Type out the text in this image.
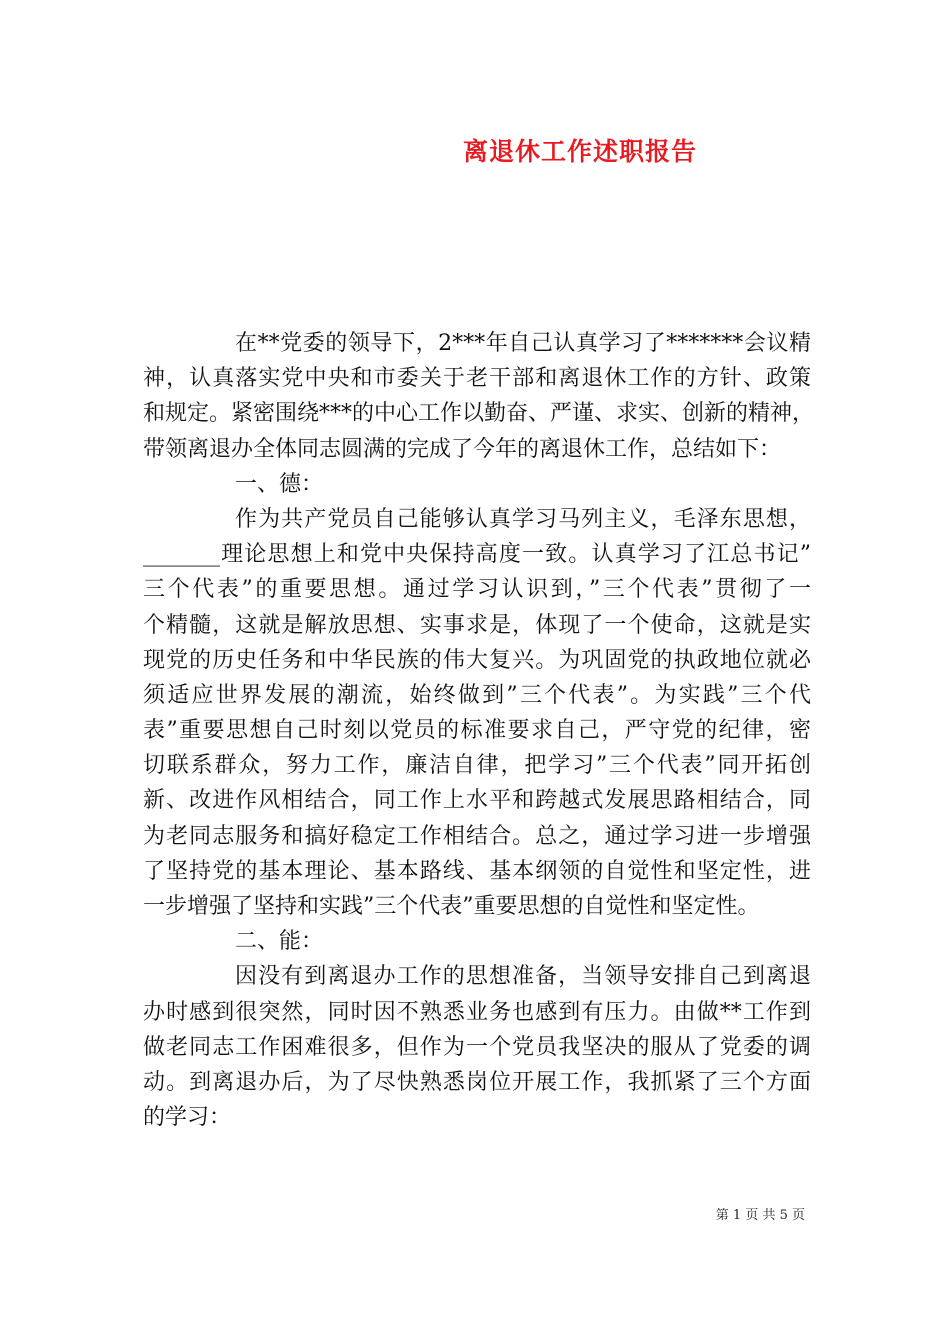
离退休工作述职报告
在**党委的领导下，2***年自己认真学习了*******会议精
神，认真落实党中央和市委关于老干部和离退休工作的方针、政策
和规定。紧密围绕***的中心工作以勤奋、严谨、求实、创新的精神，
带领离退办全体同志圆满的完成了今年的离退休工作，总结如下：
一、德：
作为共产党员自己能够认真学习马列主义，毛泽东思想，
_______理论思想上和党中央保持高度一致。认真学习了江总书记”
三个代表”的重要思想。通过学习认识到，”三个代表”贯彻了一
个精髓，这就是解放思想、实事求是，体现了一个使命，这就是实
现党的历史任务和中华民族的伟大复兴。为巩固党的执政地位就必
须适应世界发展的潮流，始终做到”三个代表”。为实践”三个代
表”重要思想自己时刻以党员的标准要求自己，严守党的纪律，密
切联系群众，努力工作，廉洁自律，把学习”三个代表”同开拓创
新、改进作风相结合，同工作上水平和跨越式发展思路相结合，同
为老同志服务和搞好稳定工作相结合。总之，通过学习进一步增强
了坚持党的基本理论、基本路线、基本纲领的自觉性和坚定性，进
一步增强了坚持和实践”三个代表”重要思想的自觉性和坚定性。
二、能：
因没有到离退办工作的思想准备，当领导安排自己到离退
办时感到很突然，同时因不熟悉业务也感到有压力。由做**工作到
做老同志工作困难很多，但作为一个党员我坚决的服从了党委的调
动。到离退办后，为了尽快熟悉岗位开展工作，我抓紧了三个方面
的学习：
第 1 页 共 5 页
